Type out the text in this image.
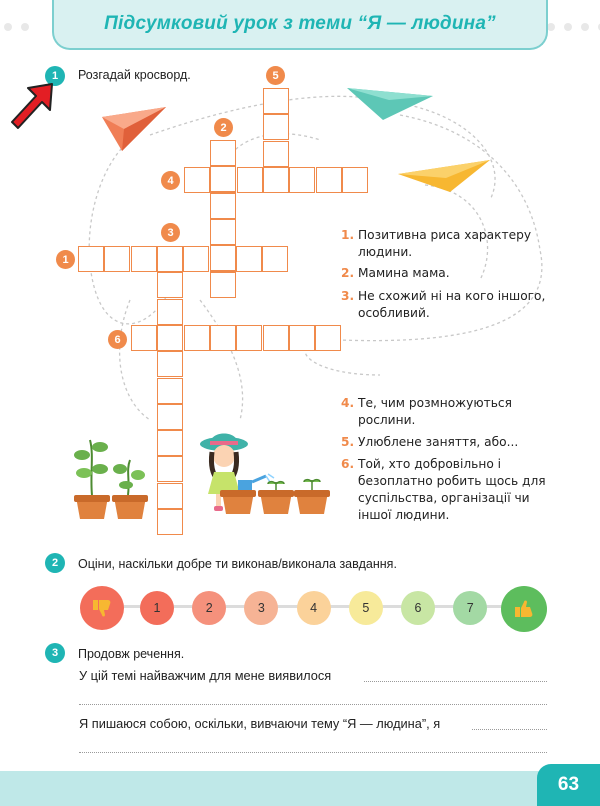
Підсумковий урок з теми “Я — людина”
1	Розгадай кросворд.	5
2
4
3
1
6
1. Позитивна риса характеру людини.
2. Мамина мама.
3. Не схожий ні на кого іншого, особливий.
4. Те, чим розмножуються рослини.
5. Улюблене заняття, або...
6. Той, хто добровільно і безоплатно робить щось для суспільства, організації чи іншої людини.
2	Оціни, наскільки добре ти виконав/виконала завдання.
1	2	3	4	5	6	7
3	Продовж речення.
У цій темі найважчим для мене виявилося
Я пишаюся собою, оскільки, вивчаючи тему “Я — людина”, я
63
